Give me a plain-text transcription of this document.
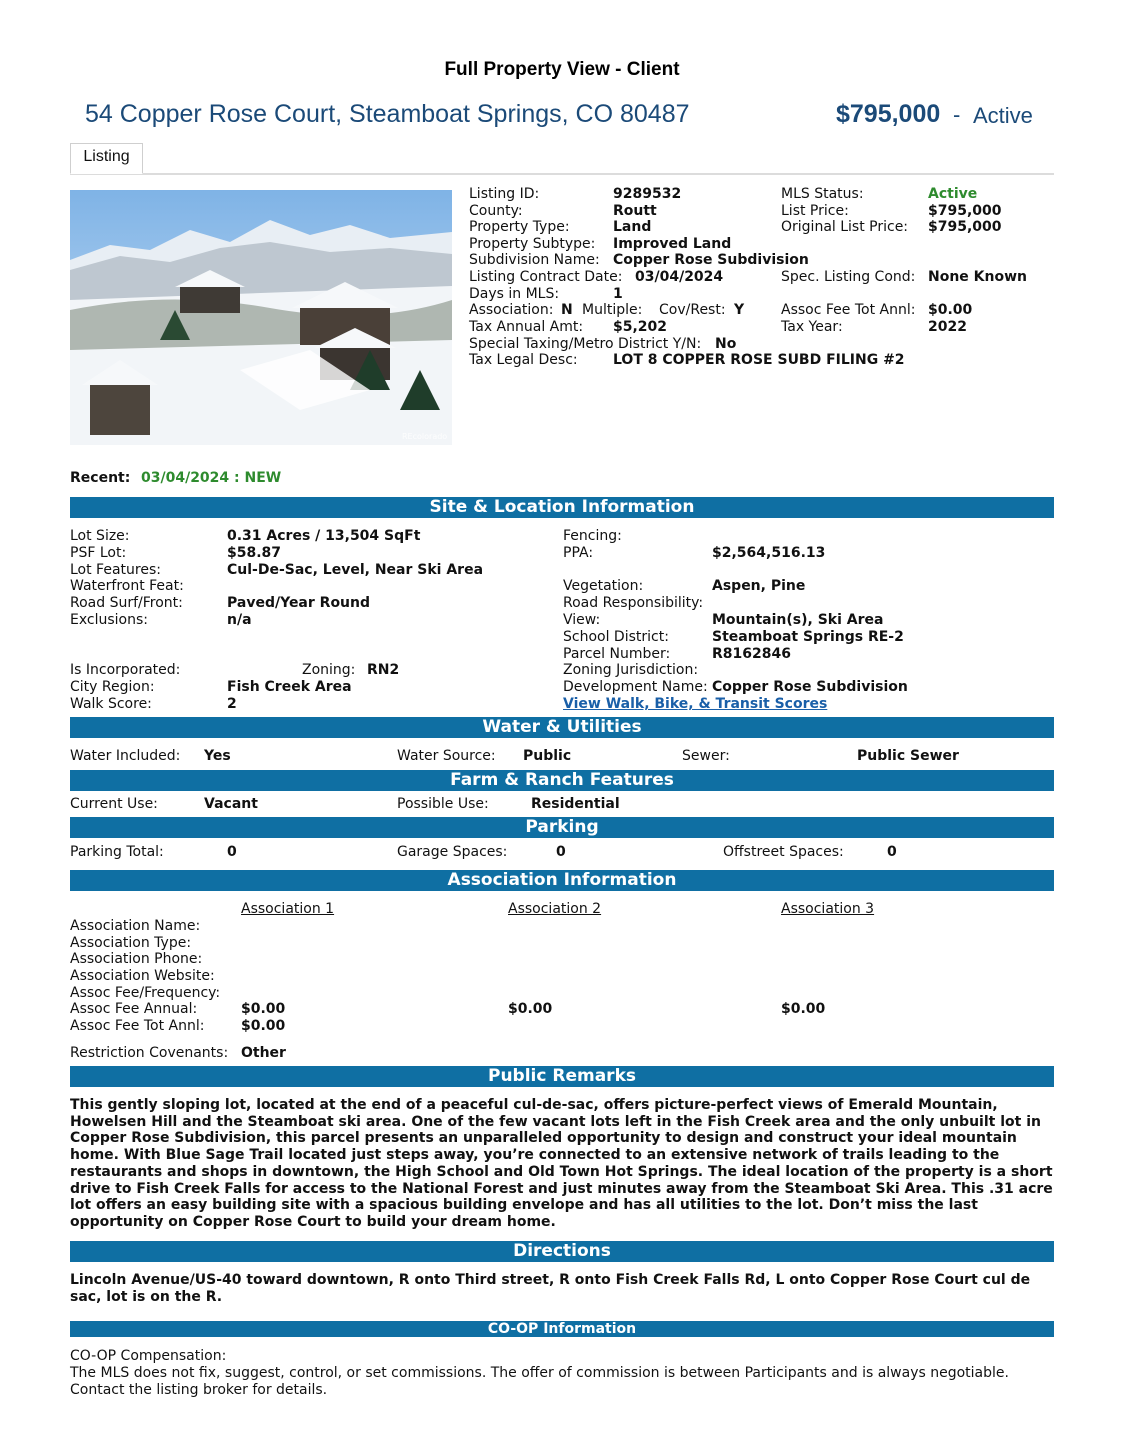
Full Property View - Client
54 Copper Rose Court, Steamboat Springs, CO 80487	$795,000 - Active
Listing
REcolorado
Listing ID:	9289532
County:	Routt
Property Type:	Land
Property Subtype: Improved Land
Subdivision Name: Copper Rose Subdivision
Listing Contract Date: 03/04/2024
Days in MLS:	1
Association: N Multiple: Cov/Rest: Y
Tax Annual Amt: $5,202
Special Taxing/Metro District Y/N: No
Tax Legal Desc:	LOT 8 COPPER ROSE SUBD FILING #2
MLS Status:	Active
List Price:	$795,000
Original List Price: $795,000
Spec. Listing Cond: None Known
Assoc Fee Tot Annl: $0.00
Tax Year:	2022
Recent: 03/04/2024 : NEW
Site & Location Information
Lot Size:	0.31 Acres / 13,504 SqFt
PSF Lot:	$58.87
Lot Features:	Cul-De-Sac, Level, Near Ski Area
Waterfront Feat:
Road Surf/Front:	Paved/Year Round
Exclusions:	n/a
Is Incorporated:	Zoning: RN2
City Region:	Fish Creek Area
Walk Score:	2
Fencing:
PPA:	$2,564,516.13
Vegetation:	Aspen, Pine
Road Responsibility:
View:	Mountain(s), Ski Area
School District:	Steamboat Springs RE-2
Parcel Number:	R8162846
Zoning Jurisdiction:
Development Name: Copper Rose Subdivision
View Walk, Bike, & Transit Scores
Water & Utilities
Water Included: Yes	Water Source: Public	Sewer:	Public Sewer
Farm & Ranch Features
Current Use:	Vacant	Possible Use:	Residential
Parking
Parking Total:	0	Garage Spaces:	0	Offstreet Spaces:	0
Association Information
Association 1	Association 2	Association 3
Association Name:
Association Type:
Association Phone:
Association Website:
Assoc Fee/Frequency:
Assoc Fee Annual:	$0.00	$0.00	$0.00
Assoc Fee Tot Annl:	$0.00
Restriction Covenants: Other
Public Remarks
This gently sloping lot, located at the end of a peaceful cul-de-sac, offers picture-perfect views of Emerald Mountain, Howelsen Hill and the Steamboat ski area. One of the few vacant lots left in the Fish Creek area and the only unbuilt lot in Copper Rose Subdivision, this parcel presents an unparalleled opportunity to design and construct your ideal mountain home. With Blue Sage Trail located just steps away, you’re connected to an extensive network of trails leading to the restaurants and shops in downtown, the High School and Old Town Hot Springs. The ideal location of the property is a short drive to Fish Creek Falls for access to the National Forest and just minutes away from the Steamboat Ski Area. This .31 acre lot offers an easy building site with a spacious building envelope and has all utilities to the lot. Don’t miss the last opportunity on Copper Rose Court to build your dream home.
Directions
Lincoln Avenue/US-40 toward downtown, R onto Third street, R onto Fish Creek Falls Rd, L onto Copper Rose Court cul de sac, lot is on the R.
CO-OP Information
CO-OP Compensation:
The MLS does not fix, suggest, control, or set commissions. The offer of commission is between Participants and is always negotiable. Contact the listing broker for details.
